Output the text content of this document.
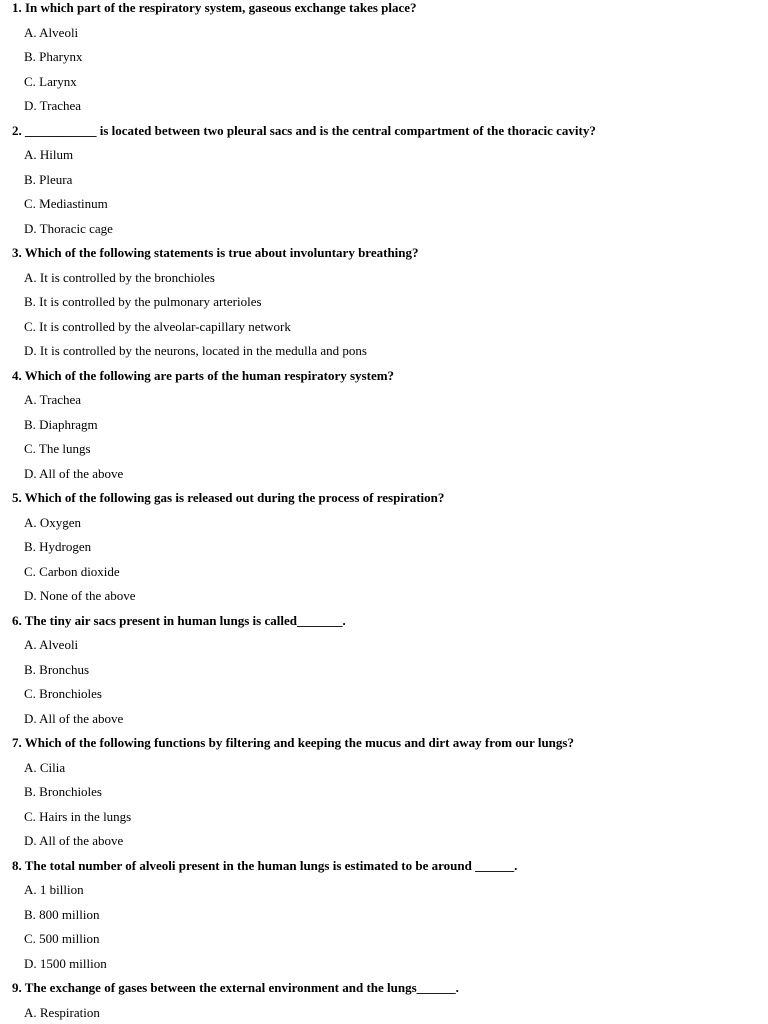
1. In which part of the respiratory system, gaseous exchange takes place?
A. Alveoli
B. Pharynx
C. Larynx
D. Trachea
2. ___________ is located between two pleural sacs and is the central compartment of the thoracic cavity?
A. Hilum
B. Pleura
C. Mediastinum
D. Thoracic cage
3. Which of the following statements is true about involuntary breathing?
A. It is controlled by the bronchioles
B. It is controlled by the pulmonary arterioles
C. It is controlled by the alveolar-capillary network
D. It is controlled by the neurons, located in the medulla and pons
4. Which of the following are parts of the human respiratory system?
A. Trachea
B. Diaphragm
C. The lungs
D. All of the above
5. Which of the following gas is released out during the process of respiration?
A. Oxygen
B. Hydrogen
C. Carbon dioxide
D. None of the above
6. The tiny air sacs present in human lungs is called_______.
A. Alveoli
B. Bronchus
C. Bronchioles
D. All of the above
7. Which of the following functions by filtering and keeping the mucus and dirt away from our lungs?
A. Cilia
B. Bronchioles
C. Hairs in the lungs
D. All of the above
8. The total number of alveoli present in the human lungs is estimated to be around ______.
A. 1 billion
B. 800 million
C. 500 million
D. 1500 million
9. The exchange of gases between the external environment and the lungs______.
A. Respiration
